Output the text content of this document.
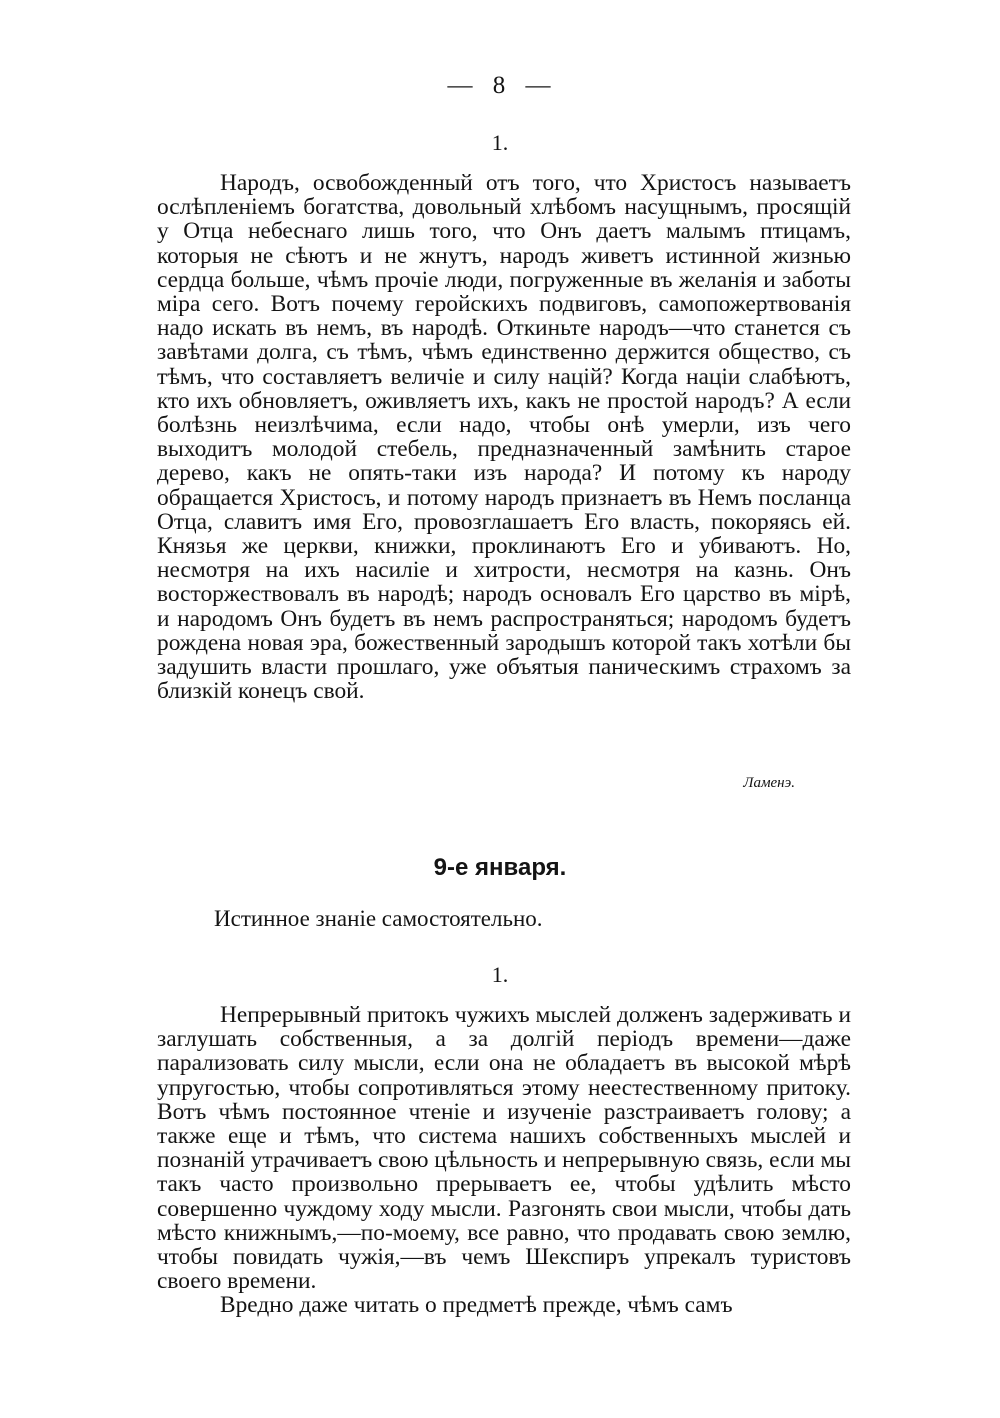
— 8 —
1.

Народъ, освобожденный отъ того, что Христосъ называетъ ослѣпленіемъ богатства, довольный хлѣбомъ насущнымъ, просящій у Отца небеснаго лишь того, что Онъ даетъ малымъ птицамъ, которыя не сѣютъ и не жнутъ, народъ живетъ истинной жизнью сердца больше, чѣмъ прочіе люди, погруженные въ желанія и заботы міра сего. Вотъ почему геройскихъ подвиговъ, самопожертвованія надо искать въ немъ, въ народѣ. Откиньте народъ—что станется съ завѣтами долга, съ тѣмъ, чѣмъ единственно держится общество, съ тѣмъ, что составляетъ величіе и силу націй? Когда націи слабѣютъ, кто ихъ обновляетъ, оживляетъ ихъ, какъ не простой народъ? А если болѣзнь неизлѣчима, если надо, чтобы онѣ умерли, изъ чего выходитъ молодой стебель, предназначенный замѣнить старое дерево, какъ не опять-таки изъ народа? И потому къ народу обращается Христосъ, и потому народъ признаетъ въ Немъ посланца Отца, славитъ имя Его, провозглашаетъ Его власть, покоряясь ей. Князья же церкви, книжки, проклинаютъ Его и убиваютъ. Но, несмотря на ихъ насиліе и хитрости, несмотря на казнь. Онъ восторжествовалъ въ народѣ; народъ основалъ Его царство въ мірѣ, и народомъ Онъ будетъ въ немъ распространяться; народомъ будетъ рождена новая эра, божественный зародышъ которой такъ хотѣли бы задушить власти прошлаго, уже объятыя паническимъ страхомъ за близкій конецъ свой.

Ламенэ.
9-е января.
Истинное знаніе самостоятельно.
1.

Непрерывный притокъ чужихъ мыслей долженъ задерживать и заглушать собственныя, а за долгій періодъ времени—даже парализовать силу мысли, если она не обладаетъ въ высокой мѣрѣ упругостью, чтобы сопротивляться этому неестественному притоку. Вотъ чѣмъ постоянное чтеніе и изученіе разстраиваетъ голову; а также еще и тѣмъ, что система нашихъ собственныхъ мыслей и познаній утрачиваетъ свою цѣльность и непрерывную связь, если мы такъ часто произвольно прерываетъ ее, чтобы удѣлить мѣсто совершенно чуждому ходу мысли. Разгонять свои мысли, чтобы дать мѣсто книжнымъ,—по-моему, все равно, что продавать свою землю, чтобы повидать чужія,—въ чемъ Шекспиръ упрекалъ туристовъ своего времени.

Вредно даже читать о предметѣ прежде, чѣмъ самъ
